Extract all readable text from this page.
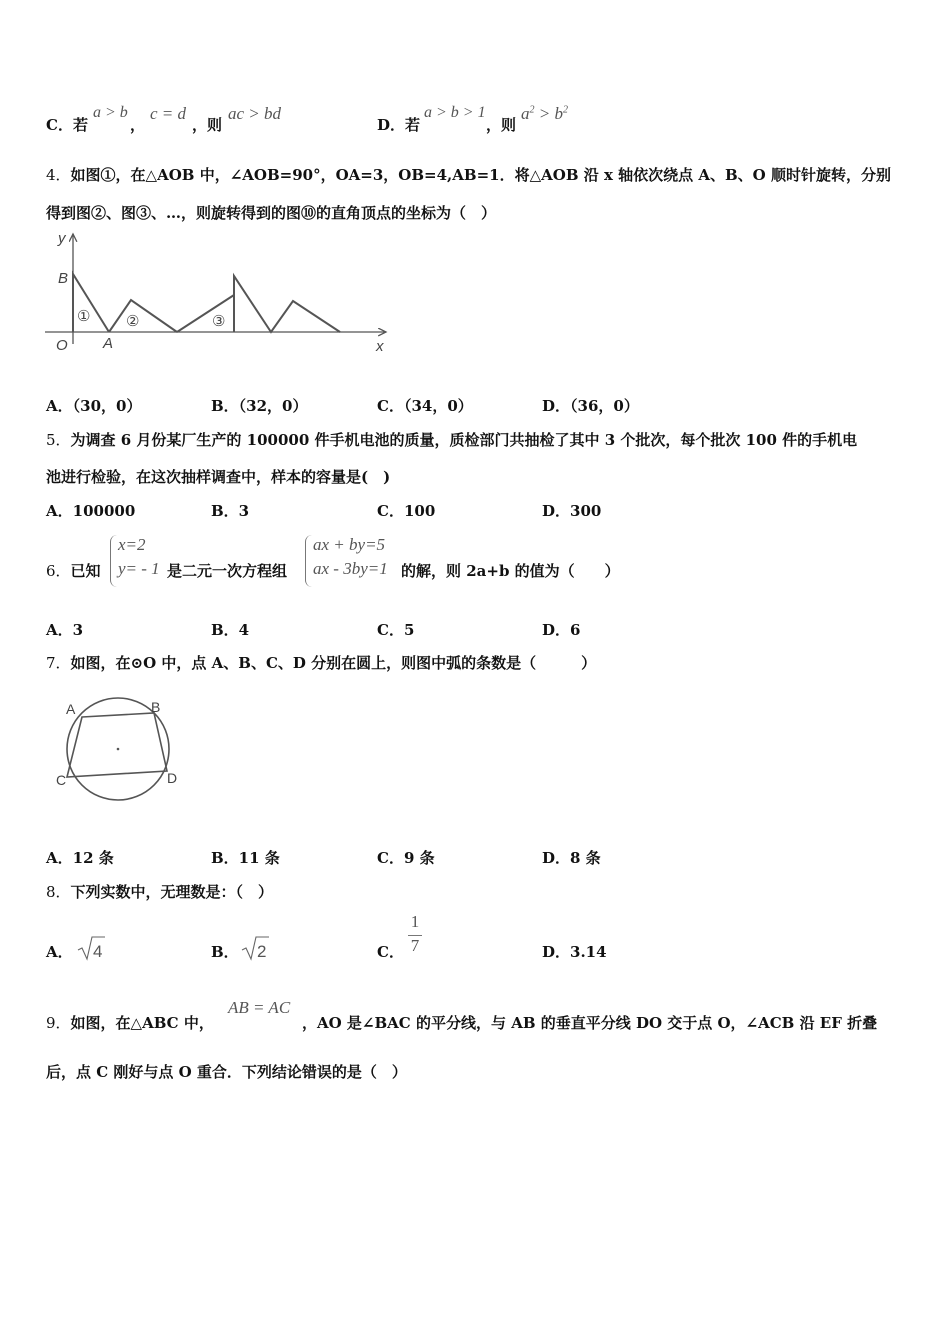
C．若
a > b
，
c = d
，则
ac > bd
D．若
a > b > 1
，则
$a^2 > b^2$
4．如图①，在△AOB 中，∠AOB=90°，OA=3，OB=4,AB=1．将△AOB 沿 x 轴依次绕点 A、B、O 顺时针旋转，分别
得到图②、图③、…，则旋转得到的图⑩的直角顶点的坐标为（　）
y
x
B
O A
① ②	③
A．（30，0）	B．（32，0）	C．（34，0）	D．（36，0）
5．为调查 6 月份某厂生产的 100000 件手机电池的质量，质检部门共抽检了其中 3 个批次，每个批次 100 件的手机电
池进行检验，在这次抽样调查中，样本的容量是(　)
A．100000	B．3	C．100	D．300
6．已知
x=2
y= - 1 是二元一次方程组
ax + by=5
ax - 3by=1 的解，则 2a+b 的值为（　　）
A．3	B．4	C．5	D．6
7．如图，在⊙O 中，点 A、B、C、D 分别在圆上，则图中弧的条数是（　　　）
A	B
C	D
A．12 条	B．11 条	C．9 条	D．8 条
8．下列实数中，无理数是：（　）
A． 4	B． 2	C．
1
7	D．3.14
9．如图，在△ABC 中，
AB = AC
，AO 是∠BAC 的平分线，与 AB 的垂直平分线 DO 交于点 O，∠ACB 沿 EF 折叠
后，点 C 刚好与点 O 重合．下列结论错误的是（　）
